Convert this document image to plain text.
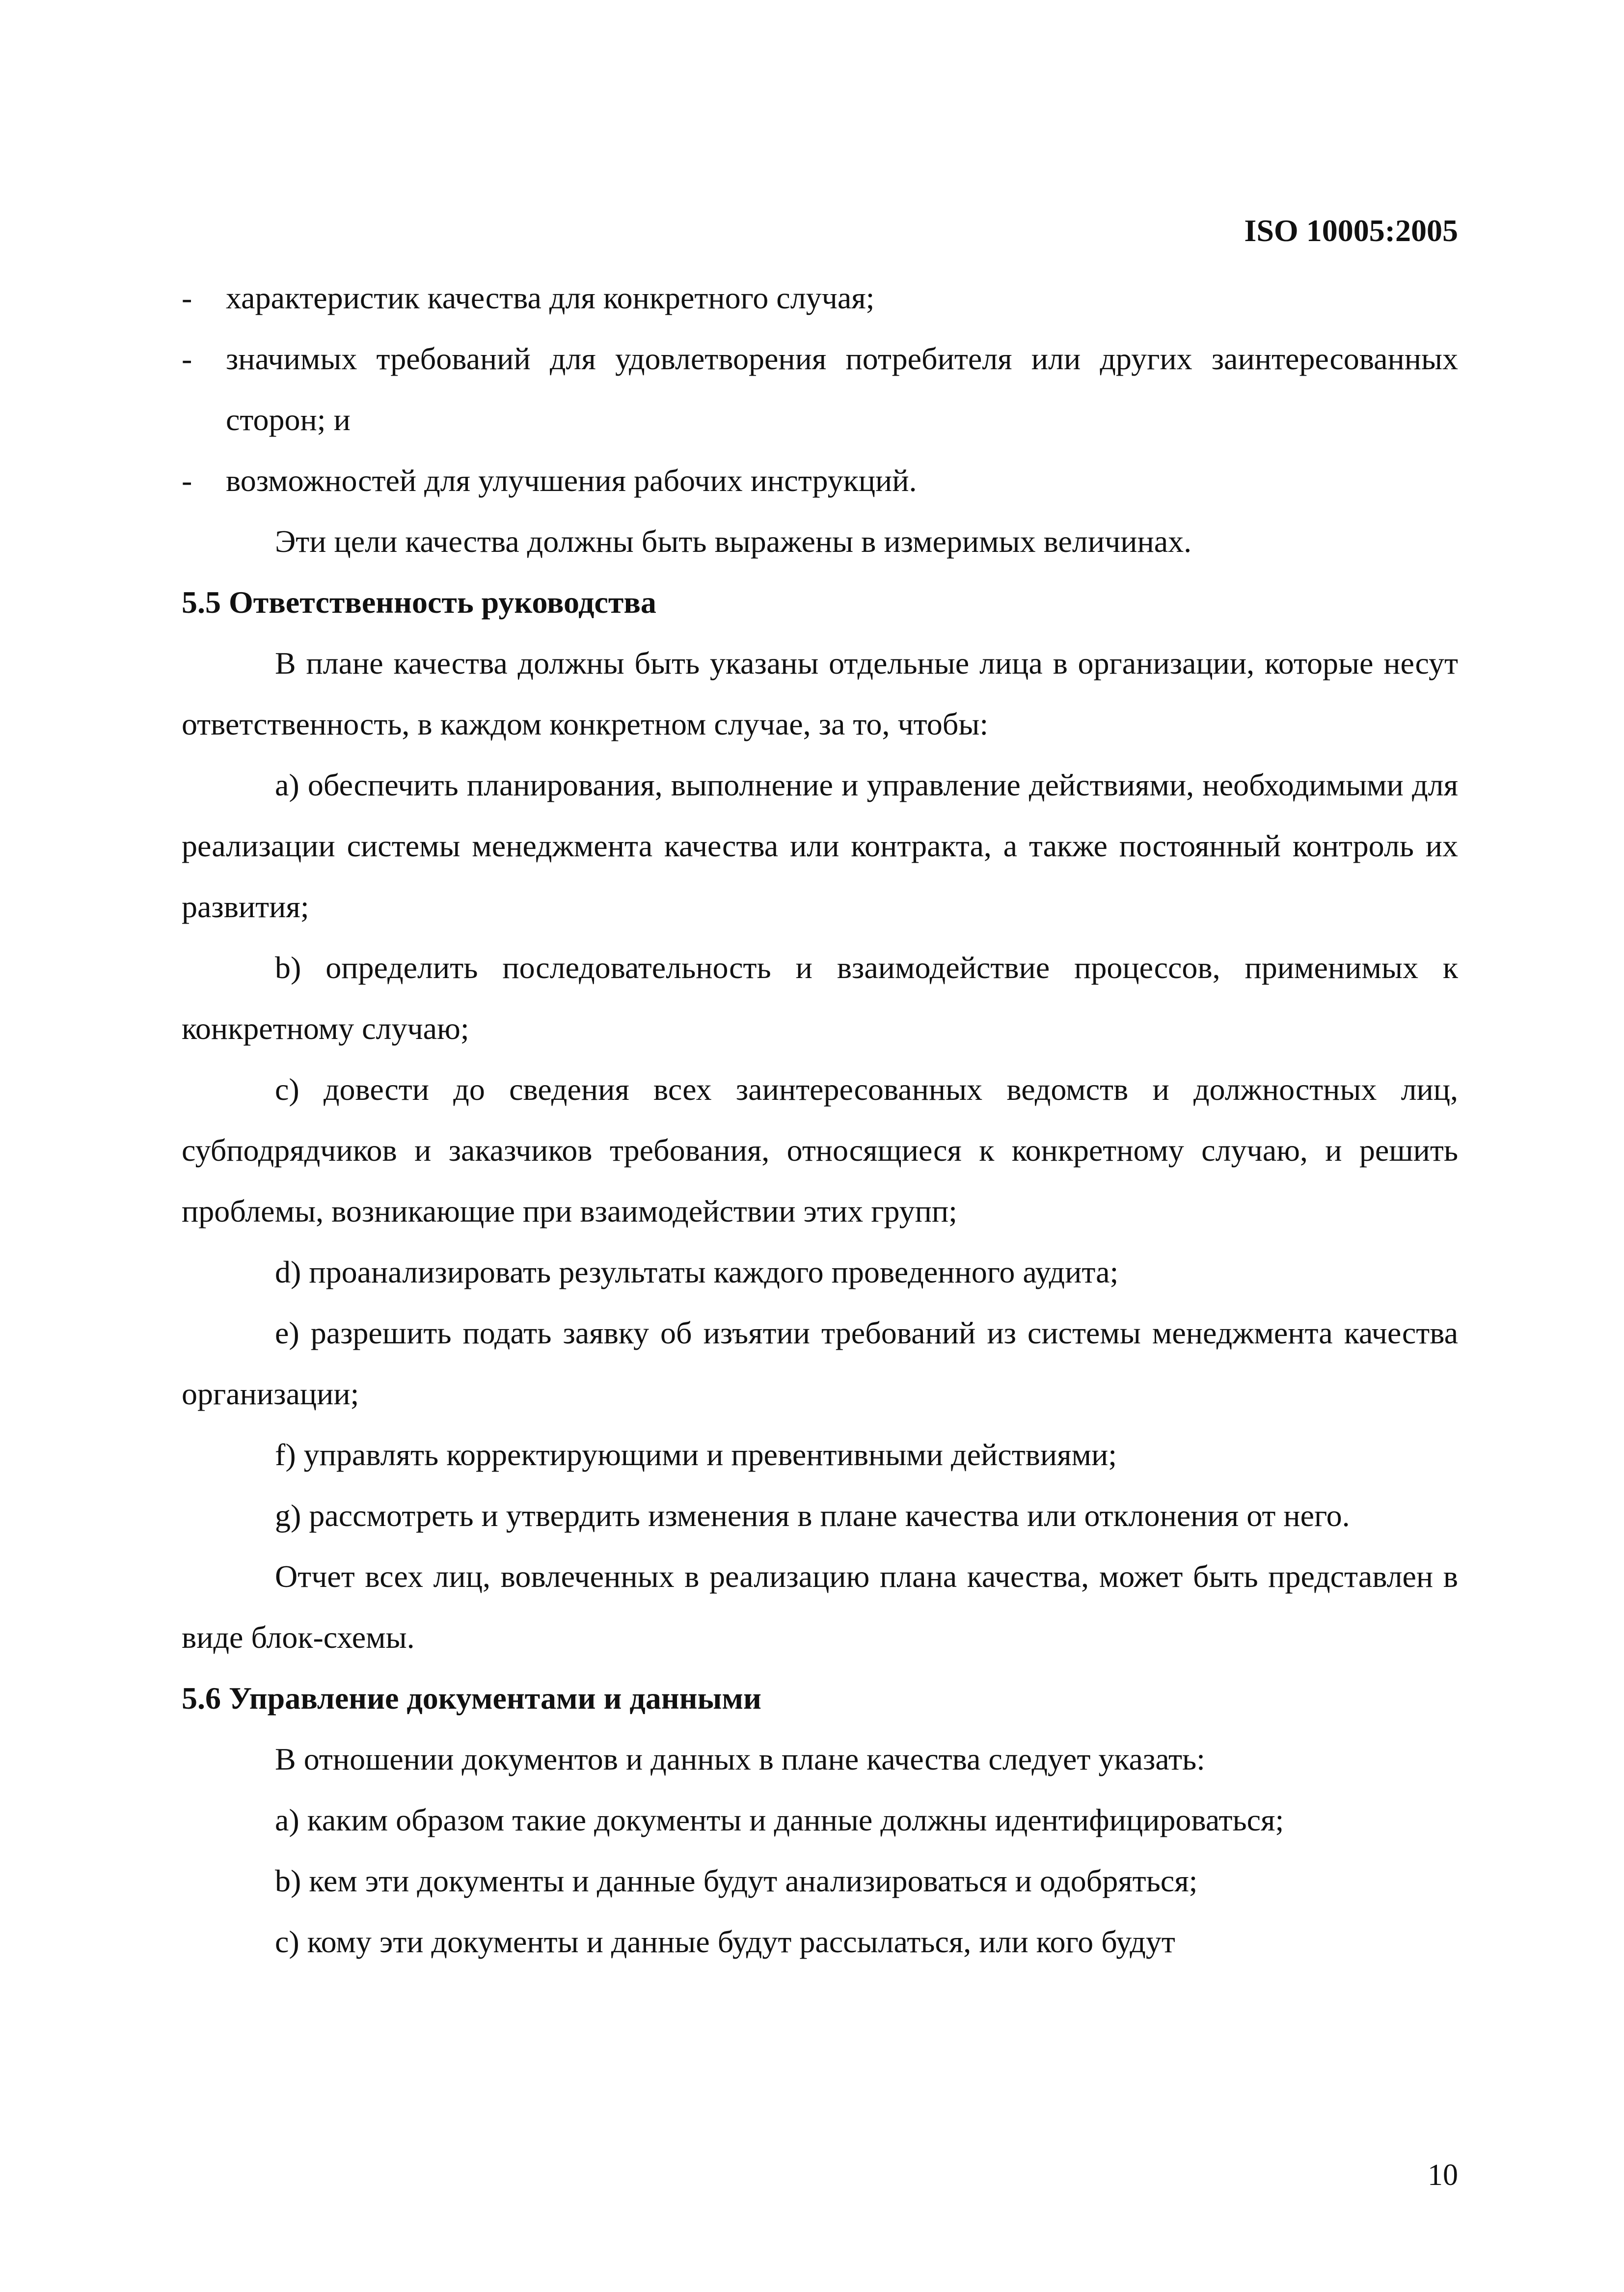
ISO 10005:2005

- характеристик качества для конкретного случая;

- значимых требований для удовлетворения потребителя или других заинтересованных сторон; и

- возможностей для улучшения рабочих инструкций.

Эти цели качества должны быть выражены в измеримых величинах.

5.5 Ответственность руководства

В плане качества должны быть указаны отдельные лица в организации, которые несут ответственность, в каждом конкретном случае, за то, чтобы:

a) обеспечить планирования, выполнение и управление действиями, необходимыми для реализации системы менеджмента качества или контракта, а также постоянный контроль их развития;

b) определить последовательность и взаимодействие процессов, применимых к конкретному случаю;

c) довести до сведения всех заинтересованных ведомств и должностных лиц, субподрядчиков и заказчиков требования, относящиеся к конкретному случаю, и решить проблемы, возникающие при взаимодействии этих групп;

d) проанализировать результаты каждого проведенного аудита;

e) разрешить подать заявку об изъятии требований из системы менеджмента качества организации;

f) управлять корректирующими и превентивными действиями;

g) рассмотреть и утвердить изменения в плане качества или отклонения от него.

Отчет всех лиц, вовлеченных в реализацию плана качества, может быть представлен в виде блок-схемы.

5.6 Управление документами и данными

В отношении документов и данных в плане качества следует указать:

a) каким образом такие документы и данные должны идентифицироваться;

b) кем эти документы и данные будут анализироваться и одобряться;

c) кому эти документы и данные будут рассылаться, или кого будут

10
